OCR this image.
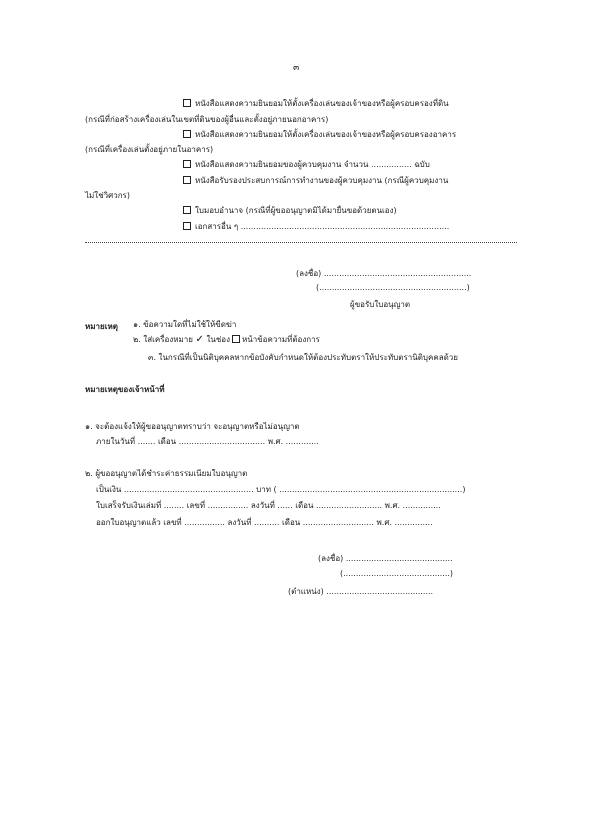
๓
หนังสือแสดงความยินยอมให้ตั้งเครื่องเล่นของเจ้าของหรือผู้ครอบครองที่ดิน
(กรณีที่ก่อสร้างเครื่องเล่นในเขตที่ดินของผู้อื่นและตั้งอยู่ภายนอกอาคาร)
หนังสือแสดงความยินยอมให้ตั้งเครื่องเล่นของเจ้าของหรือผู้ครอบครองอาคาร
(กรณีที่เครื่องเล่นตั้งอยู่ภายในอาคาร)
หนังสือแสดงความยินยอมของผู้ควบคุมงาน จำนวน ................ ฉบับ
หนังสือรับรองประสบการณ์การทำงานของผู้ควบคุมงาน (กรณีผู้ควบคุมงาน
ไม่ใช่วิศวกร)
ใบมอบอำนาจ (กรณีที่ผู้ขออนุญาตมิได้มายื่นขอด้วยตนเอง)
เอกสารอื่น ๆ ..................................................................................
(ลงชื่อ) ..........................................................
(..........................................................)
ผู้ขอรับใบอนุญาต
หมายเหตุ ๑. ข้อความใดที่ไม่ใช้ให้ขีดฆ่า
๒. ใส่เครื่องหมาย ✓ ในช่อง หน้าข้อความที่ต้องการ
๓. ในกรณีที่เป็นนิติบุคคลหากข้อบังคับกำหนดให้ต้องประทับตราให้ประทับตรานิติบุคคลด้วย
หมายเหตุของเจ้าหน้าที่
๑. จะต้องแจ้งให้ผู้ขออนุญาตทราบว่า จะอนุญาตหรือไม่อนุญาต
ภายในวันที่ ....... เดือน .................................. พ.ศ. .............
๒. ผู้ขออนุญาตได้ชำระค่าธรรมเนียมใบอนุญาต
เป็นเงิน ................................................... บาท ( ........................................................................)
ใบเสร็จรับเงินเล่มที่ ........ เลขที่ ................ ลงวันที่ ...... เดือน .......................... พ.ศ. ...............
ออกใบอนุญาตแล้ว เลขที่ ................ ลงวันที่ .......... เดือน ............................ พ.ศ. ...............
(ลงชื่อ) ..........................................
(..........................................)
(ตำแหน่ง) ..........................................
